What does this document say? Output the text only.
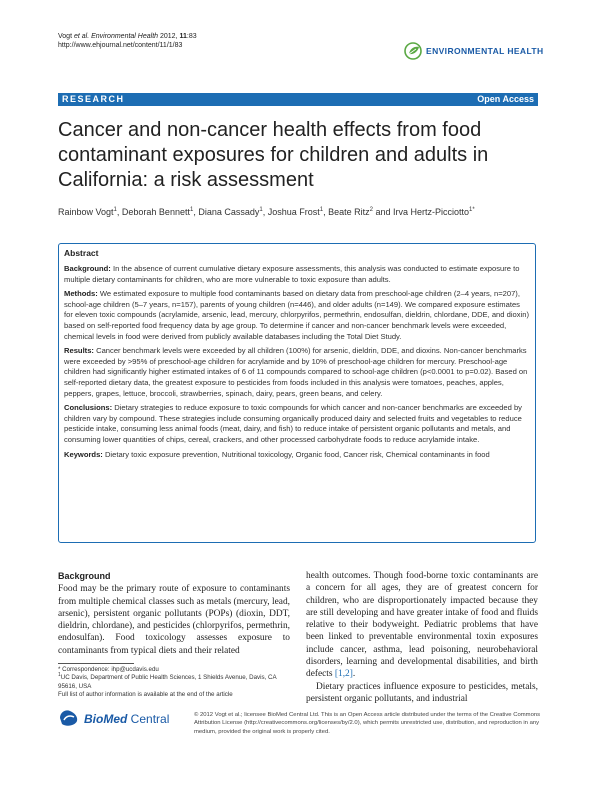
Vogt et al. Environmental Health 2012, 11:83
http://www.ehjournal.net/content/11/1/83
ENVIRONMENTAL HEALTH
RESEARCH	Open Access
Cancer and non-cancer health effects from food contaminant exposures for children and adults in California: a risk assessment
Rainbow Vogt$^1$, Deborah Bennett$^1$, Diana Cassady$^1$, Joshua Frost$^1$, Beate Ritz$^2$ and Irva Hertz-Picciotto$^{1*}$
Abstract
Background: In the absence of current cumulative dietary exposure assessments, this analysis was conducted to estimate exposure to multiple dietary contaminants for children, who are more vulnerable to toxic exposure than adults.
Methods: We estimated exposure to multiple food contaminants based on dietary data from preschool-age children (2–4 years, n=207), school-age children (5–7 years, n=157), parents of young children (n=446), and older adults (n=149). We compared exposure estimates for eleven toxic compounds (acrylamide, arsenic, lead, mercury, chlorpyrifos, permethrin, endosulfan, dieldrin, chlordane, DDE, and dioxin) based on self-reported food frequency data by age group. To determine if cancer and non-cancer benchmark levels were exceeded, chemical levels in food were derived from publicly available databases including the Total Diet Study.
Results: Cancer benchmark levels were exceeded by all children (100%) for arsenic, dieldrin, DDE, and dioxins. Non-cancer benchmarks were exceeded by >95% of preschool-age children for acrylamide and by 10% of preschool-age children for mercury. Preschool-age children had significantly higher estimated intakes of 6 of 11 compounds compared to school-age children (p<0.0001 to p=0.02). Based on self-reported dietary data, the greatest exposure to pesticides from foods included in this analysis were tomatoes, peaches, apples, peppers, grapes, lettuce, broccoli, strawberries, spinach, dairy, pears, green beans, and celery.
Conclusions: Dietary strategies to reduce exposure to toxic compounds for which cancer and non-cancer benchmarks are exceeded by children vary by compound. These strategies include consuming organically produced dairy and selected fruits and vegetables to reduce pesticide intake, consuming less animal foods (meat, dairy, and fish) to reduce intake of persistent organic pollutants and metals, and consuming lower quantities of chips, cereal, crackers, and other processed carbohydrate foods to reduce acrylamide intake.
Keywords: Dietary toxic exposure prevention, Nutritional toxicology, Organic food, Cancer risk, Chemical contaminants in food
Background
Food may be the primary route of exposure to contaminants from multiple chemical classes such as metals (mercury, lead, arsenic), persistent organic pollutants (POPs) (dioxin, DDT, dieldrin, chlordane), and pesticides (chlorpyrifos, permethrin, endosulfan). Food toxicology assesses exposure to contaminants from typical diets and their related
health outcomes. Though food-borne toxic contaminants are a concern for all ages, they are of greatest concern for children, who are disproportionately impacted because they are still developing and have greater intake of food and fluids relative to their bodyweight. Pediatric problems that have been linked to preventable environmental toxin exposures include cancer, asthma, lead poisoning, neurobehavioral disorders, learning and developmental disabilities, and birth defects [1,2].
Dietary practices influence exposure to pesticides, metals, persistent organic pollutants, and industrial
* Correspondence: ihp@ucdavis.edu
$^1$UC Davis, Department of Public Health Sciences, 1 Shields Avenue, Davis, CA 95616, USA
Full list of author information is available at the end of the article
BioMed Central	© 2012 Vogt et al.; licensee BioMed Central Ltd. This is an Open Access article distributed under the terms of the Creative Commons Attribution License (http://creativecommons.org/licenses/by/2.0), which permits unrestricted use, distribution, and reproduction in any medium, provided the original work is properly cited.
